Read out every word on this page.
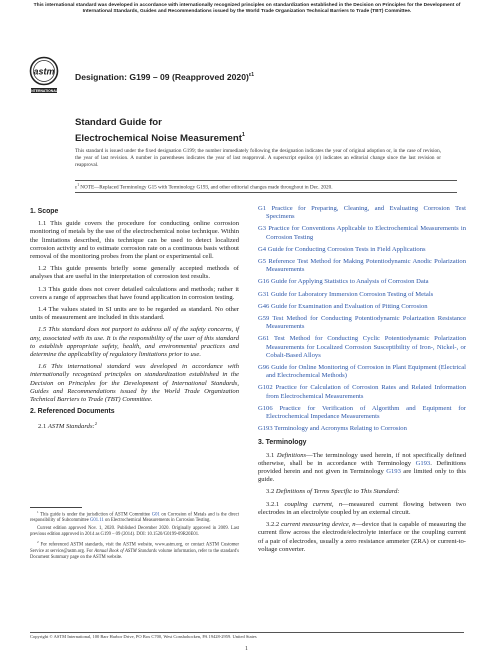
This international standard was developed in accordance with internationally recognized principles on standardization established in the Decision on Principles for the Development of International Standards, Guides and Recommendations issued by the World Trade Organization Technical Barriers to Trade (TBT) Committee.
astm
INTERNATIONAL
Designation: G199 – 09 (Reapproved 2020)$^{\varepsilon 1}$
Standard Guide for
Electrochemical Noise Measurement$^1$
This standard is issued under the fixed designation G199; the number immediately following the designation indicates the year of original adoption or, in the case of revision, the year of last revision. A number in parentheses indicates the year of last reapproval. A superscript epsilon (ε) indicates an editorial change since the last revision or reapproval.
$\varepsilon^1$ NOTE—Replaced Terminology G15 with Terminology G193, and other editorial changes made throughout in Dec. 2020.
1. Scope

1.1 This guide covers the procedure for conducting online corrosion monitoring of metals by the use of the electrochemical noise technique. Within the limitations described, this technique can be used to detect localized corrosion activity and to estimate corrosion rate on a continuous basis without removal of the monitoring probes from the plant or experimental cell.

1.2 This guide presents briefly some generally accepted methods of analyses that are useful in the interpretation of corrosion test results.

1.3 This guide does not cover detailed calculations and methods; rather it covers a range of approaches that have found application in corrosion testing.

1.4 The values stated in SI units are to be regarded as standard. No other units of measurement are included in this standard.

1.5 This standard does not purport to address all of the safety concerns, if any, associated with its use. It is the responsibility of the user of this standard to establish appropriate safety, health, and environmental practices and determine the applicability of regulatory limitations prior to use.

1.6 This international standard was developed in accordance with internationally recognized principles on standardization established in the Decision on Principles for the Development of International Standards, Guides and Recommendations issued by the World Trade Organization Technical Barriers to Trade (TBT) Committee.

2. Referenced Documents

2.1 ASTM Standards:$^2$

G1 Practice for Preparing, Cleaning, and Evaluating Corrosion Test Specimens

G3 Practice for Conventions Applicable to Electrochemical Measurements in Corrosion Testing

G4 Guide for Conducting Corrosion Tests in Field Applications

G5 Reference Test Method for Making Potentiodynamic Anodic Polarization Measurements

G16 Guide for Applying Statistics to Analysis of Corrosion Data

G31 Guide for Laboratory Immersion Corrosion Testing of Metals

G46 Guide for Examination and Evaluation of Pitting Corrosion

G59 Test Method for Conducting Potentiodynamic Polarization Resistance Measurements

G61 Test Method for Conducting Cyclic Potentiodynamic Polarization Measurements for Localized Corrosion Susceptibility of Iron-, Nickel-, or Cobalt-Based Alloys

G96 Guide for Online Monitoring of Corrosion in Plant Equipment (Electrical and Electrochemical Methods)

G102 Practice for Calculation of Corrosion Rates and Related Information from Electrochemical Measurements

G106 Practice for Verification of Algorithm and Equipment for Electrochemical Impedance Measurements

G193 Terminology and Acronyms Relating to Corrosion

3. Terminology

3.1 Definitions—The terminology used herein, if not specifically defined otherwise, shall be in accordance with Terminology G193. Definitions provided herein and not given in Terminology G193 are limited only to this guide.

3.2 Definitions of Terms Specific to This Standard:

3.2.1 coupling current, n—measured current flowing between two electrodes in an electrolyte coupled by an external circuit.

3.2.2 current measuring device, n—device that is capable of measuring the current flow across the electrode/electrolyte interface or the coupling current of a pair of electrodes, usually a zero resistance ammeter (ZRA) or current-to-voltage converter.

$^1$ This guide is under the jurisdiction of ASTM Committee G01 on Corrosion of Metals and is the direct responsibility of Subcommittee G01.11 on Electrochemical Measurements in Corrosion Testing.

Current edition approved Nov. 1, 2020. Published December 2020. Originally approved in 2009. Last previous edition approved in 2014 as G199 – 09 (2014). DOI: 10.1520/G0199-09R20E01.

$^2$ For referenced ASTM standards, visit the ASTM website, www.astm.org, or contact ASTM Customer Service at service@astm.org. For Annual Book of ASTM Standards volume information, refer to the standard's Document Summary page on the ASTM website.

Copyright © ASTM International, 100 Barr Harbor Drive, PO Box C700, West Conshohocken, PA 19428-2959. United States
1
